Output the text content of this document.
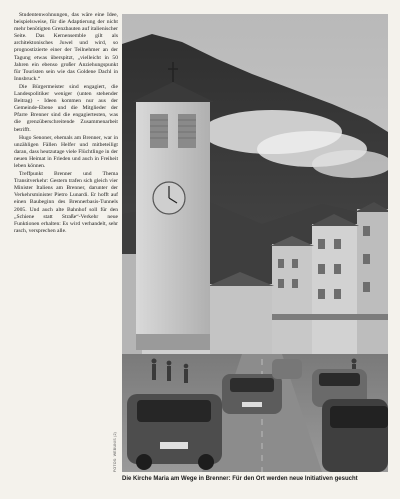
Studentenwohnungen, das wäre eine Idee, beispielsweise, für die Adaptierung der nicht mehr benötigten Grenzbauten auf italienischer Seite. Das Kernensemble gilt als architektonisches Juwel und wird, so prognostizierte einer der Teilnehmer an der Tagung etwas überspitzt, „vielleicht in 50 Jahren ein ebenso großer Anziehungspunkt für Touristen sein wie das Goldene Dachl in Innsbruck.“

Die Bürgermeister sind engagiert, die Landespolitiker weniger (unten stehender Beitrag) - Ideen kommen nur aus der Gemeinde-Ebene und die Mitglieder der Pfarre Brenner sind die engagiertesten, was die grenzüberschreitende Zusammenarbeit betrifft.

Hugo Senoner, ehemals am Brenner, war in unzähligen Fällen Helfer und mitbeteiligt daran, dass heutzutage viele Flüchtlinge in der neuen Heimat in Frieden und auch in Freiheit leben können.

Treffpunkt Brenner und Thema Transitverkehr: Gestern trafen sich gleich vier Minister Italiens am Brenner, darunter der Verkehrsminister Pietro Lunardi. Er hofft auf einen Baubeginn des Brennerbasis-Tunnels 2005. Und auch alte Bahnhof soll für den „Schiene statt Straße“-Verkehr neue Funktionen erhalten: Es wird verhandelt, sehr rasch, versprechen alle.

FOTOS: WEBUNIS (2)
Die Kirche Maria am Wege in Brenner: Für den Ort werden neue Initiativen gesucht
